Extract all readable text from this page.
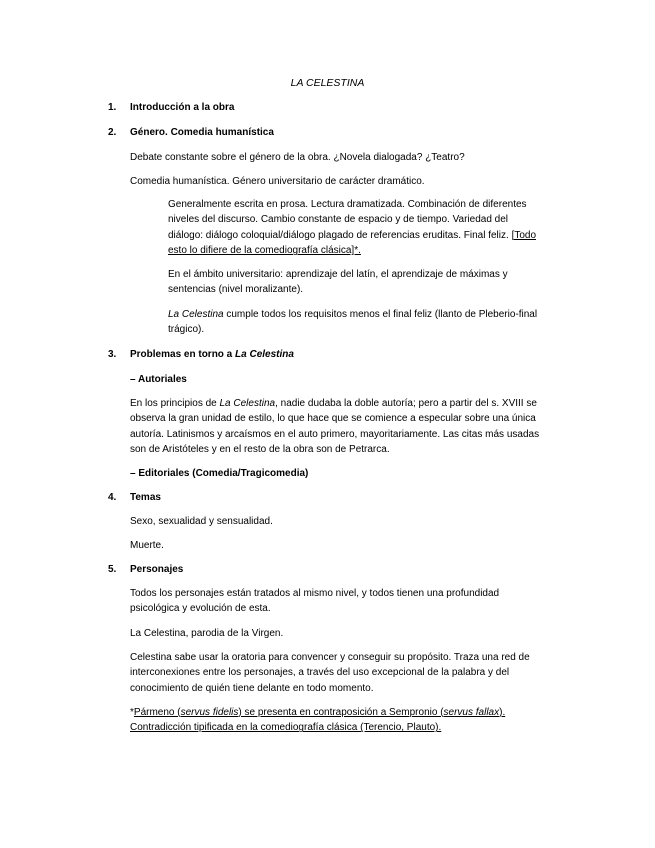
LA CELESTINA
1. Introducción a la obra
2. Género. Comedia humanística
Debate constante sobre el género de la obra. ¿Novela dialogada? ¿Teatro?
Comedia humanística. Género universitario de carácter dramático.
Generalmente escrita en prosa. Lectura dramatizada. Combinación de diferentes niveles del discurso. Cambio constante de espacio y de tiempo. Variedad del diálogo: diálogo coloquial/diálogo plagado de referencias eruditas. Final feliz. [Todo esto lo difiere de la comediografía clásica]*.
En el ámbito universitario: aprendizaje del latín, el aprendizaje de máximas y sentencias (nivel moralizante).
La Celestina cumple todos los requisitos menos el final feliz (llanto de Pleberio-final trágico).
3. Problemas en torno a La Celestina
– Autoriales
En los principios de La Celestina, nadie dudaba la doble autoría; pero a partir del s. XVIII se observa la gran unidad de estilo, lo que hace que se comience a especular sobre una única autoría. Latinismos y arcaísmos en el auto primero, mayoritariamente. Las citas más usadas son de Aristóteles y en el resto de la obra son de Petrarca.
– Editoriales (Comedia/Tragicomedia)
4. Temas
Sexo, sexualidad y sensualidad.
Muerte.
5. Personajes
Todos los personajes están tratados al mismo nivel, y todos tienen una profundidad psicológica y evolución de esta.
La Celestina, parodia de la Virgen.
Celestina sabe usar la oratoria para convencer y conseguir su propósito. Traza una red de interconexiones entre los personajes, a través del uso excepcional de la palabra y del conocimiento de quién tiene delante en todo momento.
*Pármeno (servus fidelis) se presenta en contraposición a Sempronio (servus fallax).
Contradicción tipificada en la comediografía clásica (Terencio, Plauto).
